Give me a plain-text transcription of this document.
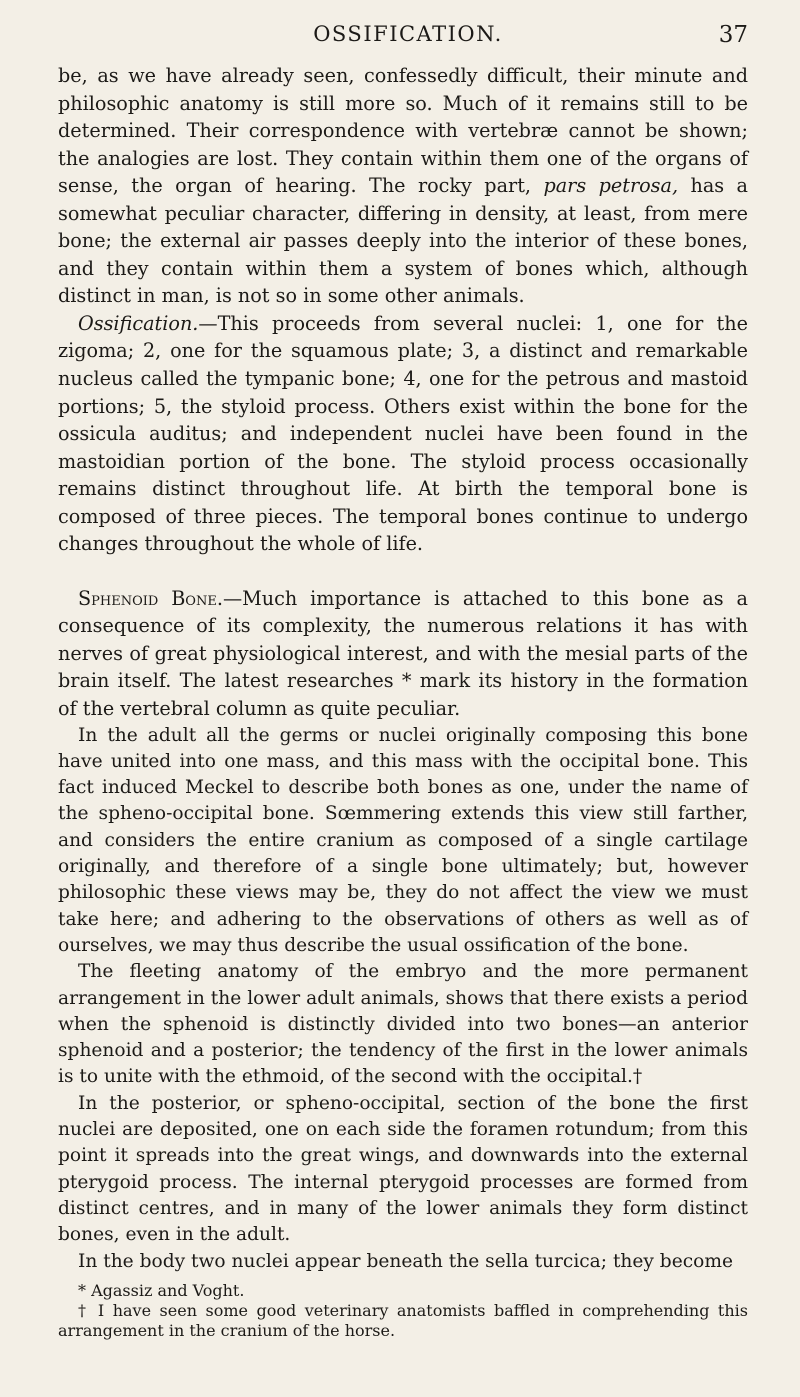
OSSIFICATION.	37

be, as we have already seen, confessedly difficult, their minute and philosophic anatomy is still more so. Much of it remains still to be determined. Their correspondence with vertebræ cannot be shown; the analogies are lost. They contain within them one of the organs of sense, the organ of hearing. The rocky part, pars petrosa, has a somewhat peculiar character, differing in density, at least, from mere bone; the external air passes deeply into the interior of these bones, and they contain within them a system of bones which, although distinct in man, is not so in some other animals.

Ossification.—This proceeds from several nuclei: 1, one for the zigoma; 2, one for the squamous plate; 3, a distinct and remarkable nucleus called the tympanic bone; 4, one for the petrous and mastoid portions; 5, the styloid process. Others exist within the bone for the ossicula auditus; and independent nuclei have been found in the mastoidian portion of the bone. The styloid process occasionally remains distinct throughout life. At birth the temporal bone is composed of three pieces. The temporal bones continue to undergo changes throughout the whole of life.

Sphenoid Bone.—Much importance is attached to this bone as a consequence of its complexity, the numerous relations it has with nerves of great physiological interest, and with the mesial parts of the brain itself. The latest researches * mark its history in the formation of the vertebral column as quite peculiar.

In the adult all the germs or nuclei originally composing this bone have united into one mass, and this mass with the occipital bone. This fact induced Meckel to describe both bones as one, under the name of the spheno-occipital bone. Sœmmering extends this view still farther, and considers the entire cranium as composed of a single cartilage originally, and therefore of a single bone ultimately; but, however philosophic these views may be, they do not affect the view we must take here; and adhering to the observations of others as well as of ourselves, we may thus describe the usual ossification of the bone.

The fleeting anatomy of the embryo and the more permanent arrangement in the lower adult animals, shows that there exists a period when the sphenoid is distinctly divided into two bones—an anterior sphenoid and a posterior; the tendency of the first in the lower animals is to unite with the ethmoid, of the second with the occipital.†

In the posterior, or spheno-occipital, section of the bone the first nuclei are deposited, one on each side the foramen rotundum; from this point it spreads into the great wings, and downwards into the external pterygoid process. The internal pterygoid processes are formed from distinct centres, and in many of the lower animals they form distinct bones, even in the adult.

In the body two nuclei appear beneath the sella turcica; they become

* Agassiz and Voght.

† I have seen some good veterinary anatomists baffled in comprehending this arrangement in the cranium of the horse.
